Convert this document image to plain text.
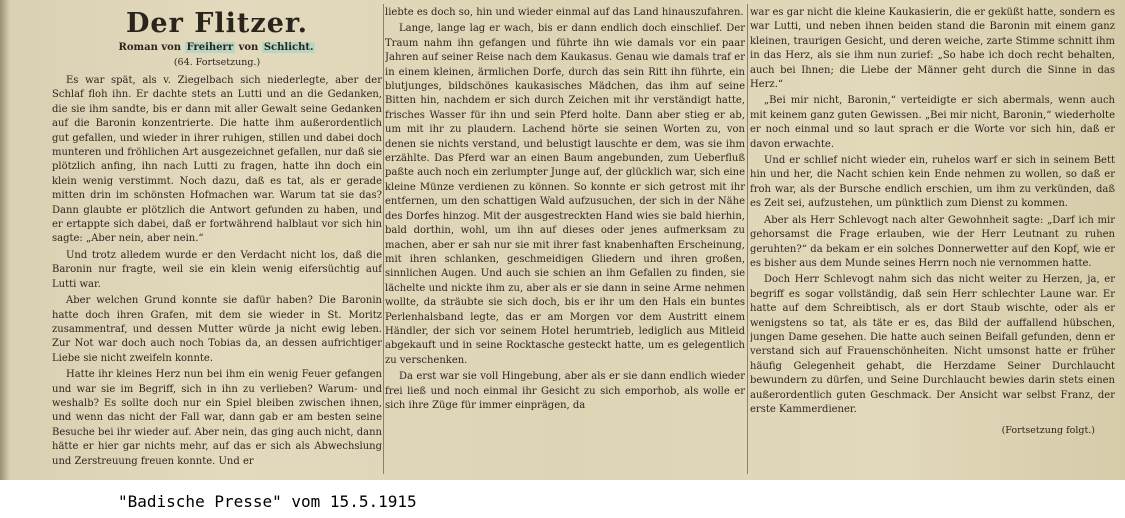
Der Flitzer.
Roman von Freiherr von Schlicht.
(64. Fortsetzung.)

Es war spät, als v. Ziegelbach sich niederlegte, aber der Schlaf floh ihn. Er dachte stets an Lutti und an die Gedanken, die sie ihm sandte, bis er dann mit aller Gewalt seine Gedanken auf die Baronin konzentrierte. Die hatte ihm außerordentlich gut gefallen, und wieder in ihrer ruhigen, stillen und dabei doch munteren und fröhlichen Art ausgezeichnet gefallen, nur daß sie plötzlich anfing, ihn nach Lutti zu fragen, hatte ihn doch ein klein wenig verstimmt. Noch dazu, daß es tat, als er gerade mitten drin im schönsten Hofmachen war. Warum tat sie das? Dann glaubte er plötzlich die Antwort gefunden zu haben, und er ertappte sich dabei, daß er fortwährend halblaut vor sich hin sagte: „Aber nein, aber nein.“

Und trotz alledem wurde er den Verdacht nicht los, daß die Baronin nur fragte, weil sie ein klein wenig eifersüchtig auf Lutti war.

Aber welchen Grund konnte sie dafür haben? Die Baronin hatte doch ihren Grafen, mit dem sie wieder in St. Moritz zusammentraf, und dessen Mutter würde ja nicht ewig leben. Zur Not war doch auch noch Tobias da, an dessen aufrichtiger Liebe sie nicht zweifeln konnte.

Hatte ihr kleines Herz nun bei ihm ein wenig Feuer gefangen und war sie im Begriff, sich in ihn zu verlieben? Warum- und weshalb? Es sollte doch nur ein Spiel bleiben zwischen ihnen, und wenn das nicht der Fall war, dann gab er am besten seine Besuche bei ihr wieder auf. Aber nein, das ging auch nicht, dann hätte er hier gar nichts mehr, auf das er sich als Abwechslung und Zerstreuung freuen konnte. Und er

liebte es doch so, hin und wieder einmal auf das Land hinauszufahren.

Lange, lange lag er wach, bis er dann endlich doch einschlief. Der Traum nahm ihn gefangen und führte ihn wie damals vor ein paar Jahren auf seiner Reise nach dem Kaukasus. Genau wie damals traf er in einem kleinen, ärmlichen Dorfe, durch das sein Ritt ihn führte, ein blutjunges, bildschönes kaukasisches Mädchen, das ihm auf seine Bitten hin, nachdem er sich durch Zeichen mit ihr verständigt hatte, frisches Wasser für ihn und sein Pferd holte. Dann aber stieg er ab, um mit ihr zu plaudern. Lachend hörte sie seinen Worten zu, von denen sie nichts verstand, und belustigt lauschte er dem, was sie ihm erzählte. Das Pferd war an einen Baum angebunden, zum Ueberfluß paßte auch noch ein zerlumpter Junge auf, der glücklich war, sich eine kleine Münze verdienen zu können. So konnte er sich getrost mit ihr entfernen, um den schattigen Wald aufzusuchen, der sich in der Nähe des Dorfes hinzog. Mit der ausgestreckten Hand wies sie bald hierhin, bald dorthin, wohl, um ihn auf dieses oder jenes aufmerksam zu machen, aber er sah nur sie mit ihrer fast knabenhaften Erscheinung, mit ihren schlanken, geschmeidigen Gliedern und ihren großen, sinnlichen Augen. Und auch sie schien an ihm Gefallen zu finden, sie lächelte und nickte ihm zu, aber als er sie dann in seine Arme nehmen wollte, da sträubte sie sich doch, bis er ihr um den Hals ein buntes Perlenhalsband legte, das er am Morgen vor dem Austritt einem Händler, der sich vor seinem Hotel herumtrieb, lediglich aus Mitleid abgekauft und in seine Rocktasche gesteckt hatte, um es gelegentlich zu verschenken.

Da erst war sie voll Hingebung, aber als er sie dann endlich wieder frei ließ und noch einmal ihr Gesicht zu sich emporhob, als wolle er sich ihre Züge für immer einprägen, da

war es gar nicht die kleine Kaukasierin, die er geküßt hatte, sondern es war Lutti, und neben ihnen beiden stand die Baronin mit einem ganz kleinen, traurigen Gesicht, und deren weiche, zarte Stimme schnitt ihm in das Herz, als sie ihm nun zurief: „So habe ich doch recht behalten, auch bei Ihnen; die Liebe der Männer geht durch die Sinne in das Herz.“

„Bei mir nicht, Baronin,“ verteidigte er sich abermals, wenn auch mit keinem ganz guten Gewissen. „Bei mir nicht, Baronin,“ wiederholte er noch einmal und so laut sprach er die Worte vor sich hin, daß er davon erwachte.

Und er schlief nicht wieder ein, ruhelos warf er sich in seinem Bett hin und her, die Nacht schien kein Ende nehmen zu wollen, so daß er froh war, als der Bursche endlich erschien, um ihm zu verkünden, daß es Zeit sei, aufzustehen, um pünktlich zum Dienst zu kommen.

Aber als Herr Schlevogt nach alter Gewohnheit sagte: „Darf ich mir gehorsamst die Frage erlauben, wie der Herr Leutnant zu ruhen geruhten?“ da bekam er ein solches Donnerwetter auf den Kopf, wie er es bisher aus dem Munde seines Herrn noch nie vernommen hatte.

Doch Herr Schlevogt nahm sich das nicht weiter zu Herzen, ja, er begriff es sogar vollständig, daß sein Herr schlechter Laune war. Er hatte auf dem Schreibtisch, als er dort Staub wischte, oder als er wenigstens so tat, als täte er es, das Bild der auffallend hübschen, jungen Dame gesehen. Die hatte auch seinen Beifall gefunden, denn er verstand sich auf Frauenschönheiten. Nicht umsonst hatte er früher häufig Gelegenheit gehabt, die Herzdame Seiner Durchlaucht bewundern zu dürfen, und Seine Durchlaucht bewies darin stets einen außerordentlich guten Geschmack. Der Ansicht war selbst Franz, der erste Kammerdiener.

(Fortsetzung folgt.)
"Badische Presse" vom 15.5.1915
